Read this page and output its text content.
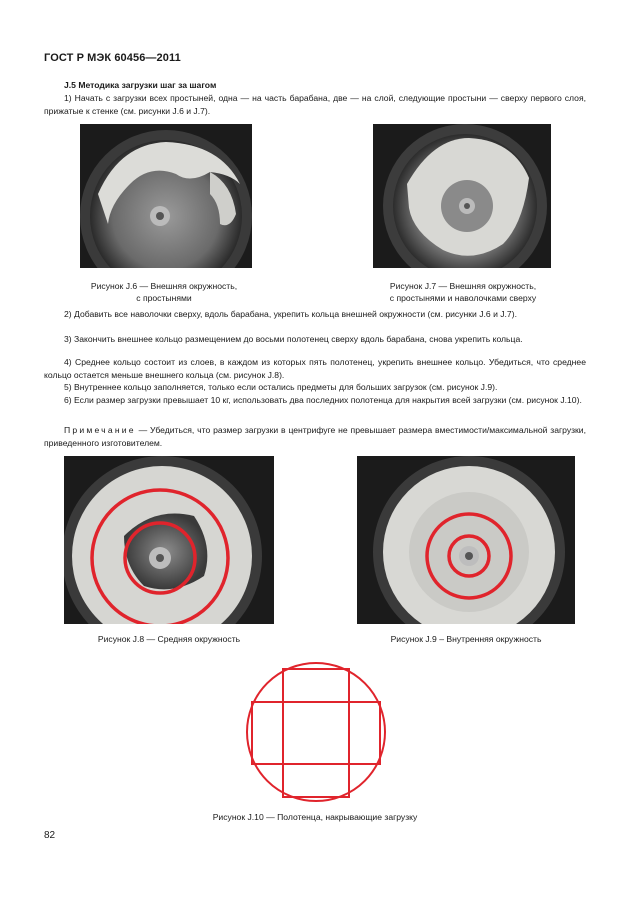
ГОСТ Р МЭК 60456—2011
J.5 Методика загрузки шаг за шагом
1) Начать с загрузки всех простыней, одна — на часть барабана, две — на слой, следующие простыни — сверху первого слоя, прижатые к стенке (см. рисунки J.6 и J.7).
Рисунок J.6 — Внешняя окружность,
с простынями
Рисунок J.7 — Внешняя окружность,
с простынями и наволочками сверху
2) Добавить все наволочки сверху, вдоль барабана, укрепить кольца внешней окружности (см. рисунки J.6 и J.7).
3) Закончить внешнее кольцо размещением до восьми полотенец сверху вдоль барабана, снова укрепить кольца.
4) Среднее кольцо состоит из слоев, в каждом из которых пять полотенец, укрепить внешнее кольцо. Убедиться, что среднее кольцо остается меньше внешнего кольца (см. рисунок J.8).
5) Внутреннее кольцо заполняется, только если остались предметы для больших загрузок (см. рисунок J.9).
6) Если размер загрузки превышает 10 кг, использовать два последних полотенца для накрытия всей загрузки (см. рисунок J.10).
Примечание — Убедиться, что размер загрузки в центрифуге не превышает размера вместимости/максимальной загрузки, приведенного изготовителем.
Рисунок J.8 — Средняя окружность	Рисунок J.9 – Внутренняя окружность
Рисунок J.10 — Полотенца, накрывающие загрузку
82
